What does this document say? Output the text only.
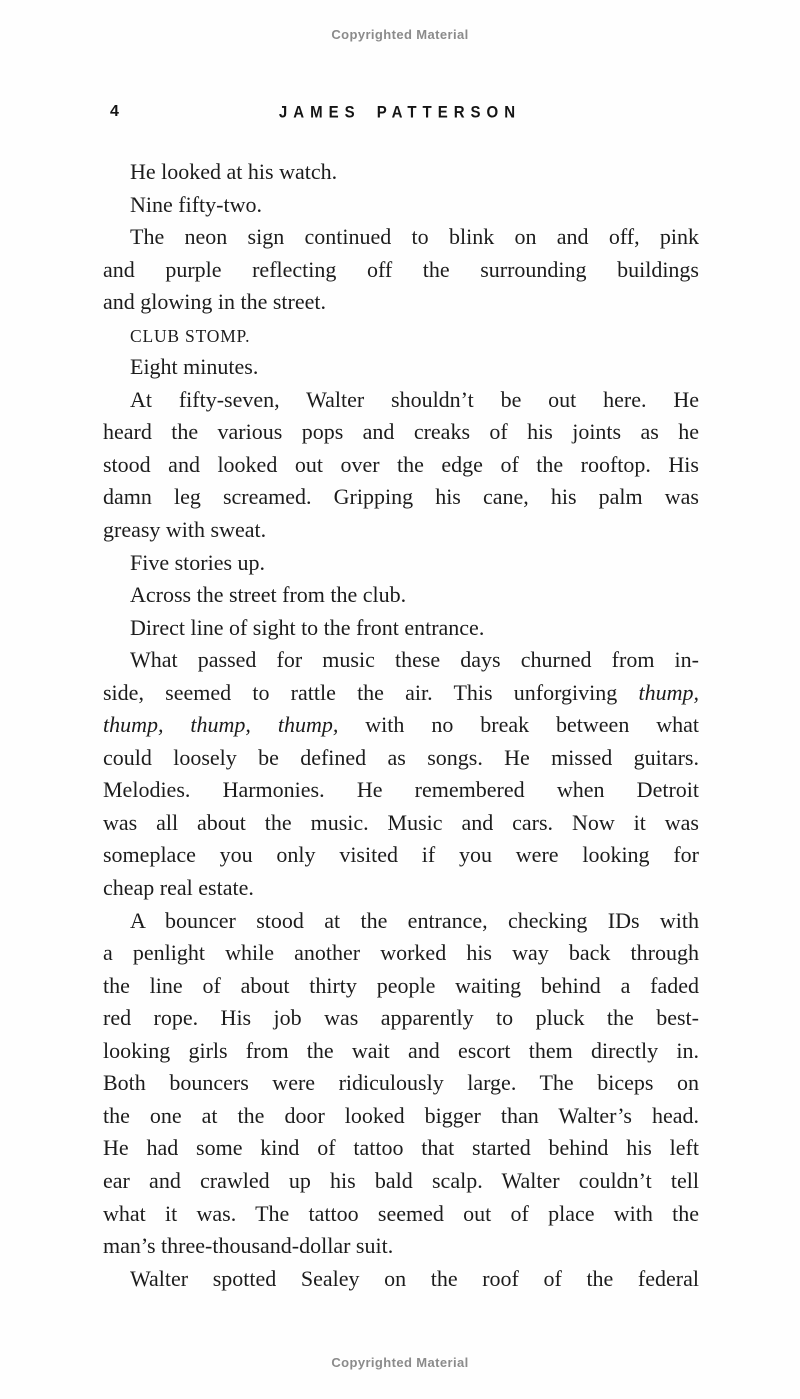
Copyrighted Material
4	JAMES PATTERSON
He looked at his watch.
Nine fifty-two.
The neon sign continued to blink on and off, pink
and purple reflecting off the surrounding buildings
and glowing in the street.
CLUB STOMP.
Eight minutes.
At fifty-seven, Walter shouldn’t be out here. He
heard the various pops and creaks of his joints as he
stood and looked out over the edge of the rooftop. His
damn leg screamed. Gripping his cane, his palm was
greasy with sweat.
Five stories up.
Across the street from the club.
Direct line of sight to the front entrance.
What passed for music these days churned from in-
side, seemed to rattle the air. This unforgiving thump,
thump, thump, thump, with no break between what
could loosely be defined as songs. He missed guitars.
Melodies. Harmonies. He remembered when Detroit
was all about the music. Music and cars. Now it was
someplace you only visited if you were looking for
cheap real estate.
A bouncer stood at the entrance, checking IDs with
a penlight while another worked his way back through
the line of about thirty people waiting behind a faded
red rope. His job was apparently to pluck the best-
looking girls from the wait and escort them directly in.
Both bouncers were ridiculously large. The biceps on
the one at the door looked bigger than Walter’s head.
He had some kind of tattoo that started behind his left
ear and crawled up his bald scalp. Walter couldn’t tell
what it was. The tattoo seemed out of place with the
man’s three-thousand-dollar suit.
Walter spotted Sealey on the roof of the federal
Copyrighted Material
